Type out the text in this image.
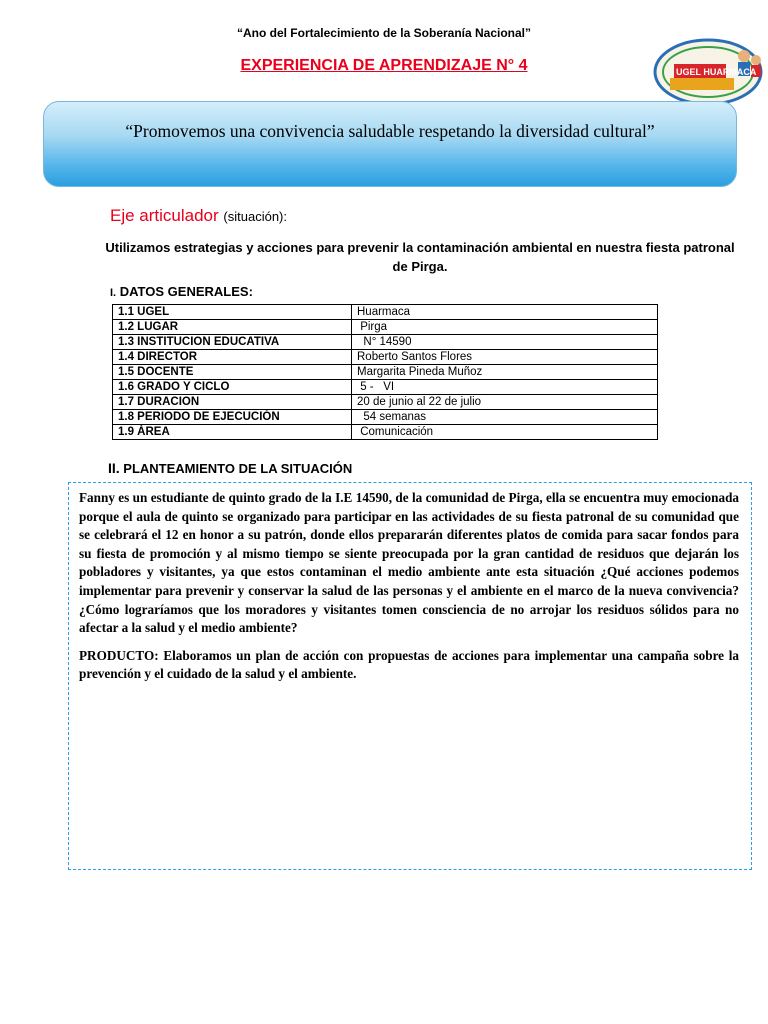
“Ano del Fortalecimiento de la Soberanía Nacional”
EXPERIENCIA DE APRENDIZAJE N° 4	UGEL HUARMACA
“Promovemos una convivencia saludable respetando la diversidad cultural”
Eje articulador (situación):
Utilizamos estrategias y acciones para prevenir la contaminación ambiental en nuestra fiesta patronal de Pirga.
I. DATOS GENERALES:
1.1 UGEL	Huarmaca
1.2 LUGAR	Pirga
1.3 INSTITUCION EDUCATIVA	N° 14590
1.4 DIRECTOR	Roberto Santos Flores
1.5 DOCENTE	Margarita Pineda Muñoz
1.6 GRADO Y CICLO	5 -   VI
1.7 DURACION	20 de junio al 22 de julio
1.8 PERIODO DE EJECUCIÓN	54 semanas
1.9 ÁREA	Comunicación
II. PLANTEAMIENTO DE LA SITUACIÓN

Fanny es un estudiante de quinto grado de la I.E 14590, de la comunidad de Pirga, ella se encuentra muy emocionada porque el aula de quinto se organizado para participar en las actividades de su fiesta patronal de su comunidad que se celebrará el 12 en honor a su patrón, donde ellos prepararán diferentes platos de comida para sacar fondos para su fiesta de promoción y al mismo tiempo se siente preocupada por la gran cantidad de residuos que dejarán los pobladores y visitantes, ya que estos contaminan el medio ambiente ante esta situación ¿Qué acciones podemos implementar para prevenir y conservar la salud de las personas y el ambiente en el marco de la nueva convivencia? ¿Cómo lograríamos que los moradores y visitantes tomen consciencia de no arrojar los residuos sólidos para no afectar a la salud y el medio ambiente?

PRODUCTO: Elaboramos un plan de acción con propuestas de acciones para implementar una campaña sobre la prevención y el cuidado de la salud y el ambiente.
